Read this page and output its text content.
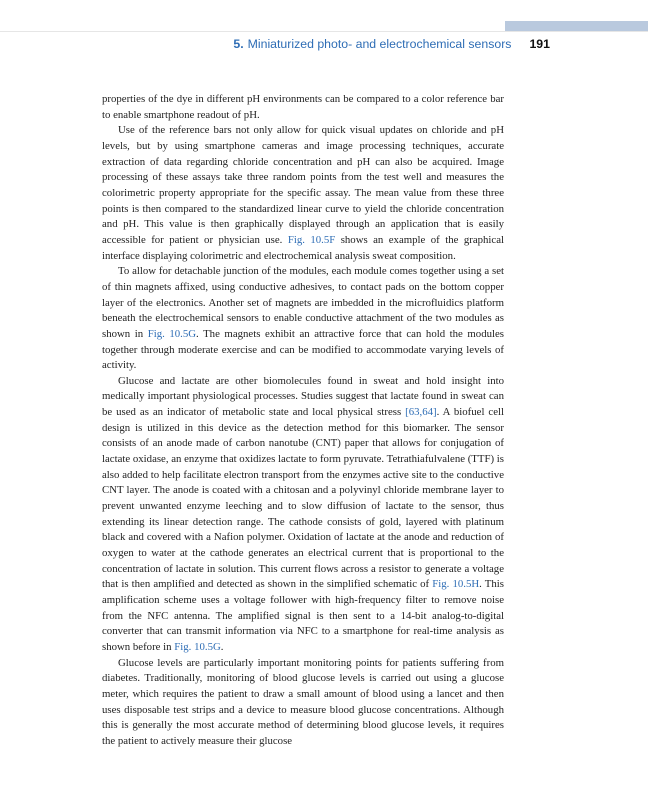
5. Miniaturized photo- and electrochemical sensors 191

properties of the dye in different pH environments can be compared to a color reference bar to enable smartphone readout of pH.

Use of the reference bars not only allow for quick visual updates on chloride and pH levels, but by using smartphone cameras and image processing techniques, accurate extraction of data regarding chloride concentration and pH can also be acquired. Image processing of these assays take three random points from the test well and measures the colorimetric property appropriate for the specific assay. The mean value from these three points is then compared to the standardized linear curve to yield the chloride concentration and pH. This value is then graphically displayed through an application that is easily accessible for patient or physician use. Fig. 10.5F shows an example of the graphical interface displaying colorimetric and electrochemical analysis sweat composition.

To allow for detachable junction of the modules, each module comes together using a set of thin magnets affixed, using conductive adhesives, to contact pads on the bottom copper layer of the electronics. Another set of magnets are imbedded in the microfluidics platform beneath the electrochemical sensors to enable conductive attachment of the two modules as shown in Fig. 10.5G. The magnets exhibit an attractive force that can hold the modules together through moderate exercise and can be modified to accommodate varying levels of activity.

Glucose and lactate are other biomolecules found in sweat and hold insight into medically important physiological processes. Studies suggest that lactate found in sweat can be used as an indicator of metabolic state and local physical stress [63,64]. A biofuel cell design is utilized in this device as the detection method for this biomarker. The sensor consists of an anode made of carbon nanotube (CNT) paper that allows for conjugation of lactate oxidase, an enzyme that oxidizes lactate to form pyruvate. Tetrathiafulvalene (TTF) is also added to help facilitate electron transport from the enzymes active site to the conductive CNT layer. The anode is coated with a chitosan and a polyvinyl chloride membrane layer to prevent unwanted enzyme leeching and to slow diffusion of lactate to the sensor, thus extending its linear detection range. The cathode consists of gold, layered with platinum black and covered with a Nafion polymer. Oxidation of lactate at the anode and reduction of oxygen to water at the cathode generates an electrical current that is proportional to the concentration of lactate in solution. This current flows across a resistor to generate a voltage that is then amplified and detected as shown in the simplified schematic of Fig. 10.5H. This amplification scheme uses a voltage follower with high-frequency filter to remove noise from the NFC antenna. The amplified signal is then sent to a 14-bit analog-to-digital converter that can transmit information via NFC to a smartphone for real-time analysis as shown before in Fig. 10.5G.

Glucose levels are particularly important monitoring points for patients suffering from diabetes. Traditionally, monitoring of blood glucose levels is carried out using a glucose meter, which requires the patient to draw a small amount of blood using a lancet and then uses disposable test strips and a device to measure blood glucose concentrations. Although this is generally the most accurate method of determining blood glucose levels, it requires the patient to actively measure their glucose
